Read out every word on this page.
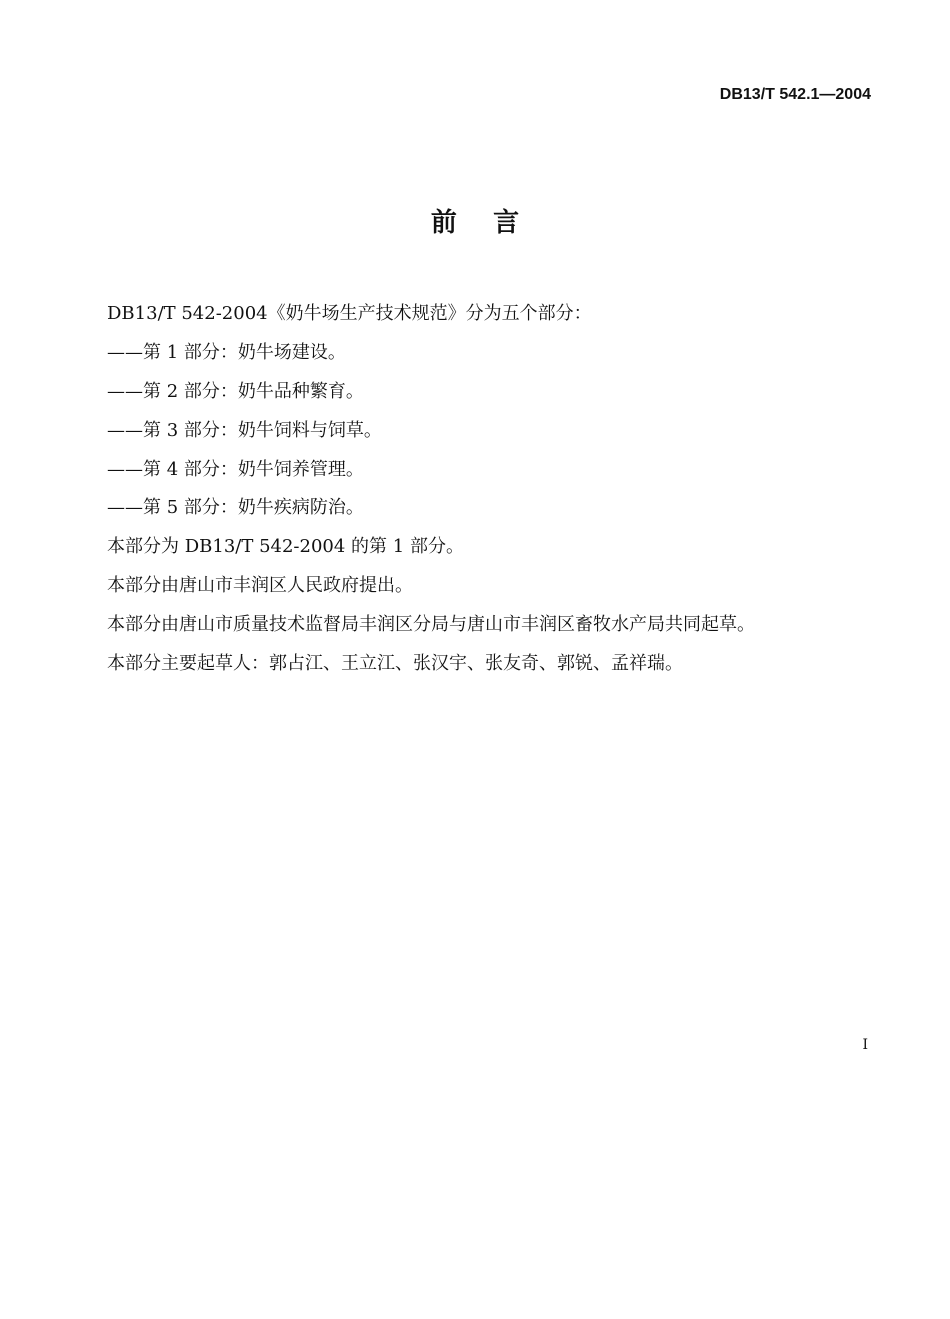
DB13/T 542.1—2004
前    言
DB13/T 542-2004《奶牛场生产技术规范》分为五个部分：
——第 1 部分：奶牛场建设。
——第 2 部分：奶牛品种繁育。
——第 3 部分：奶牛饲料与饲草。
——第 4 部分：奶牛饲养管理。
——第 5 部分：奶牛疾病防治。
本部分为 DB13/T 542-2004 的第 1 部分。
本部分由唐山市丰润区人民政府提出。
本部分由唐山市质量技术监督局丰润区分局与唐山市丰润区畜牧水产局共同起草。
本部分主要起草人：郭占江、王立江、张汉宇、张友奇、郭锐、孟祥瑞。
I
